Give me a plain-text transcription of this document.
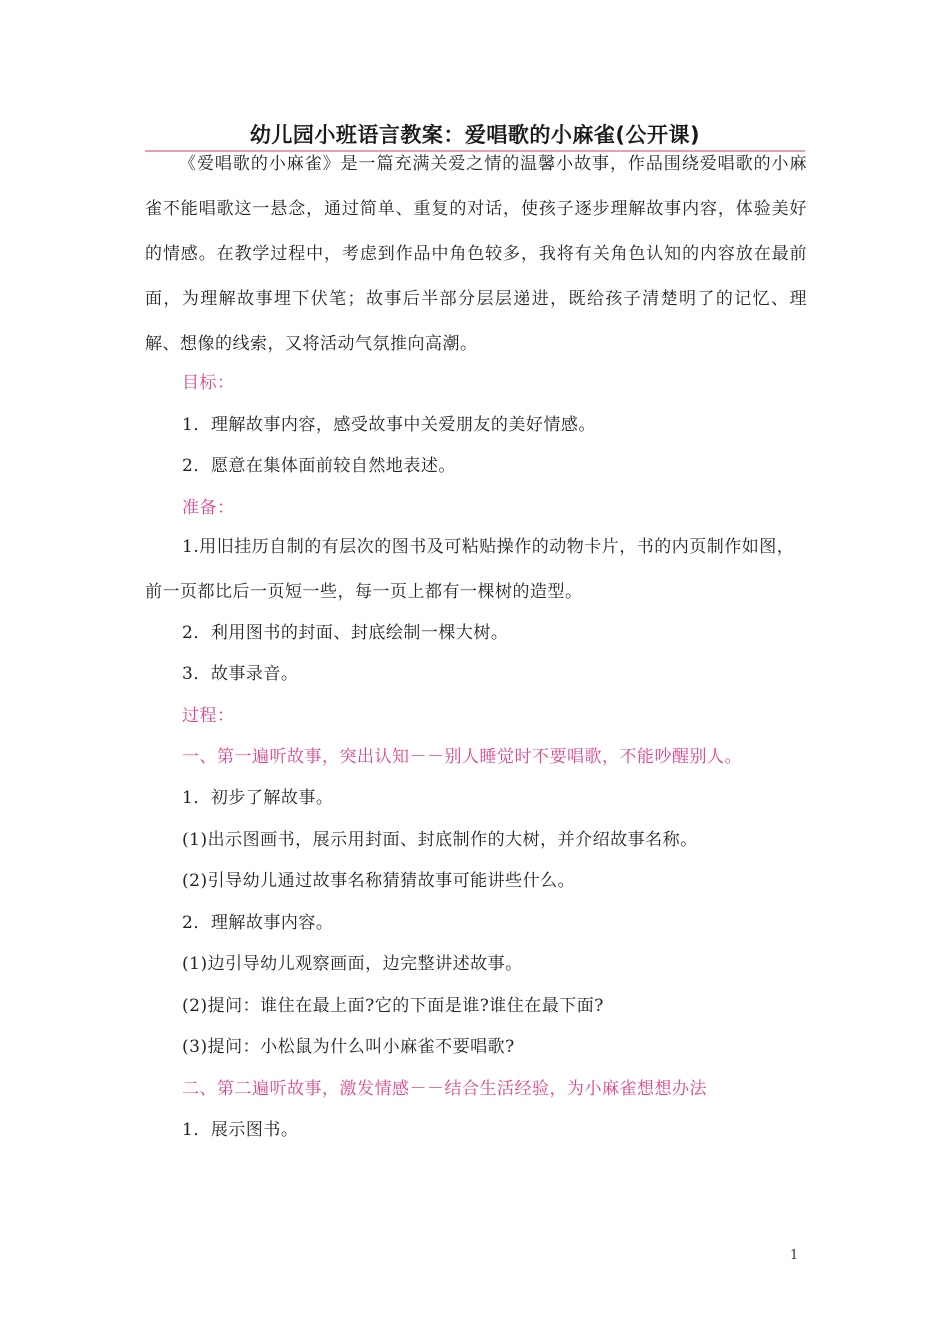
幼儿园小班语言教案：爱唱歌的小麻雀(公开课)
《爱唱歌的小麻雀》是一篇充满关爱之情的温馨小故事，作品围绕爱唱歌的小麻雀不能唱歌这一悬念，通过简单、重复的对话，使孩子逐步理解故事内容，体验美好的情感。在教学过程中，考虑到作品中角色较多，我将有关角色认知的内容放在最前面，为理解故事埋下伏笔；故事后半部分层层递进，既给孩子清楚明了的记忆、理解、想像的线索，又将活动气氛推向高潮。
目标：
1．理解故事内容，感受故事中关爱朋友的美好情感。
2．愿意在集体面前较自然地表述。
准备：
1.用旧挂历自制的有层次的图书及可粘贴操作的动物卡片，书的内页制作如图，前一页都比后一页短一些，每一页上都有一棵树的造型。
2．利用图书的封面、封底绘制一棵大树。
3．故事录音。
过程：
一、第一遍听故事，突出认知－－别人睡觉时不要唱歌，不能吵醒别人。
1．初步了解故事。
(1)出示图画书，展示用封面、封底制作的大树，并介绍故事名称。
(2)引导幼儿通过故事名称猜猜故事可能讲些什么。
2．理解故事内容。
(1)边引导幼儿观察画面，边完整讲述故事。
(2)提问：谁住在最上面?它的下面是谁?谁住在最下面?
(3)提问：小松鼠为什么叫小麻雀不要唱歌?
二、第二遍听故事，激发情感－－结合生活经验，为小麻雀想想办法
1．展示图书。
1
